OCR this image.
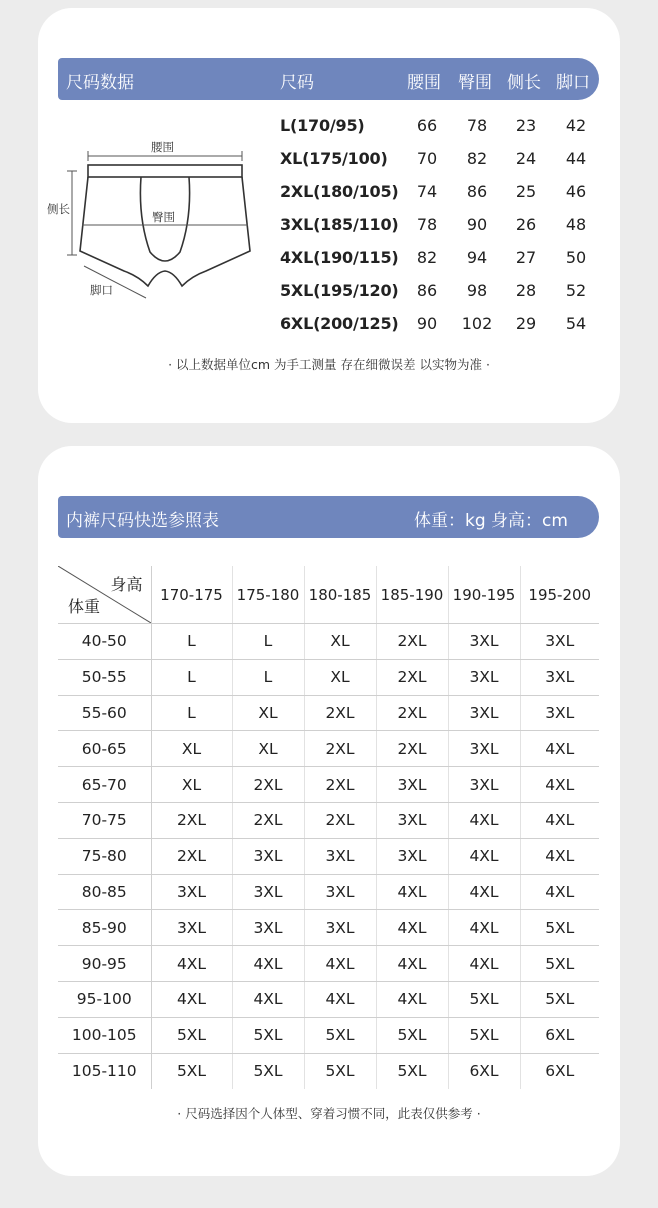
尺码数据	尺码	腰围 臀围 侧长 脚口
腰围
侧长
臀围
脚口
L(170/95)	66	78	23	42
XL(175/100)	70	82	24	44
2XL(180/105)	74	86	25	46
3XL(185/110)	78	90	26	48
4XL(190/115)	82	94	27	50
5XL(195/120)	86	98	28	52
6XL(200/125)	90	102	29	54
· 以上数据单位cm 为手工测量 存在细微误差 以实物为准 ·
内裤尺码快选参照表	体重：kg 身高：cm
身高
体重	170-175	175-180	180-185	185-190	190-195	195-200
40-50	L	L	XL	2XL	3XL	3XL
50-55	L	L	XL	2XL	3XL	3XL
55-60	L	XL	2XL	2XL	3XL	3XL
60-65	XL	XL	2XL	2XL	3XL	4XL
65-70	XL	2XL	2XL	3XL	3XL	4XL
70-75	2XL	2XL	2XL	3XL	4XL	4XL
75-80	2XL	3XL	3XL	3XL	4XL	4XL
80-85	3XL	3XL	3XL	4XL	4XL	4XL
85-90	3XL	3XL	3XL	4XL	4XL	5XL
90-95	4XL	4XL	4XL	4XL	4XL	5XL
95-100	4XL	4XL	4XL	4XL	5XL	5XL
100-105	5XL	5XL	5XL	5XL	5XL	6XL
105-110	5XL	5XL	5XL	5XL	6XL	6XL
· 尺码选择因个人体型、穿着习惯不同，此表仅供参考 ·
